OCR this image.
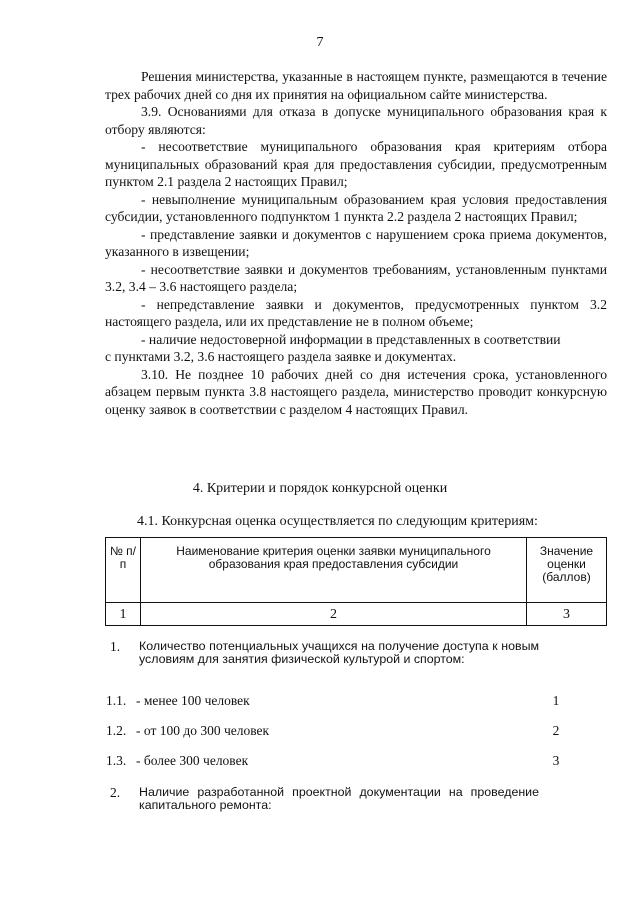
7

Решения министерства, указанные в настоящем пункте, размещаются в течение трех рабочих дней со дня их принятия на официальном сайте министерства.

3.9. Основаниями для отказа в допуске муниципального образования края к отбору являются:

- несоответствие муниципального образования края критериям отбора муниципальных образований края для предоставления субсидии, предусмотренным пунктом 2.1 раздела 2 настоящих Правил;

- невыполнение муниципальным образованием края условия предоставления субсидии, установленного подпунктом 1 пункта 2.2 раздела 2 настоящих Правил;

- представление заявки и документов с нарушением срока приема документов, указанного в извещении;

- несоответствие заявки и документов требованиям, установленным пунктами 3.2, 3.4 – 3.6 настоящего раздела;

- непредставление заявки и документов, предусмотренных пунктом 3.2 настоящего раздела, или их представление не в полном объеме;

- наличие недостоверной информации в представленных в соответствии

с пунктами 3.2, 3.6 настоящего раздела заявке и документах.

3.10. Не позднее 10 рабочих дней со дня истечения срока, установленного абзацем первым пункта 3.8 настоящего раздела, министерство проводит конкурсную оценку заявок в соответствии с разделом 4 настоящих Правил.

4. Критерии и порядок конкурсной оценки
4.1. Конкурсная оценка осуществляется по следующим критериям:
№ п/п	Наименование критерия оценки заявки муниципального образования края предоставления субсидии	Значение оценки (баллов)
1	2	3
1.	Количество потенциальных учащихся на получение доступа к новым условиям для занятия физической культурой и спортом:
1.1. - менее 100 человек	1
1.2. - от 100 до 300 человек	2
1.3. - более 300 человек	3
2.	Наличие разработанной проектной документации на проведение капитального ремонта:
